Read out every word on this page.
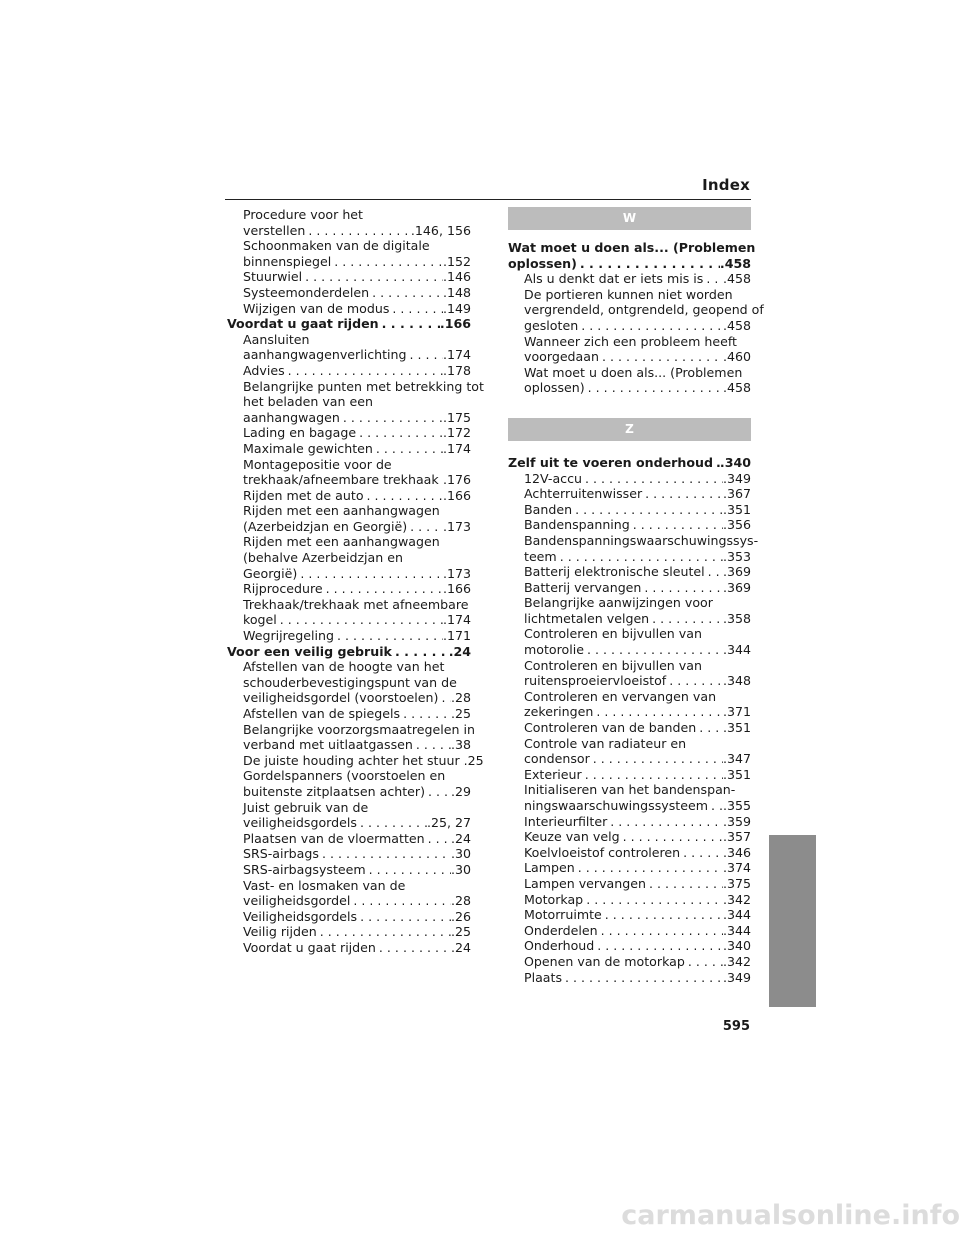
Index
Procedure voor het
verstellen . . .	.146, 156
Schoonmaken van de digitale
binnenspiegel . . .	.152
Stuurwiel . . .	.146
Systeemonderdelen . . .	.148
Wijzigen van de modus . . .	.149
Voordat u gaat rijden . . .	.166
Aansluiten
aanhangwagenverlichting . . .	.174
Advies . . .	.178
Belangrijke punten met betrekking tot
het beladen van een
aanhangwagen . . .	.175
Lading en bagage . . .	.172
Maximale gewichten . . .	.174
Montagepositie voor de
trekhaak/afneembare trekhaak . . . .176
Rijden met de auto . . .	.166
Rijden met een aanhangwagen
(Azerbeidzjan en Georgië) . . .	.173
Rijden met een aanhangwagen
(behalve Azerbeidzjan en
Georgië) . . .	.173
Rijprocedure . . .	.166
Trekhaak/trekhaak met afneembare
kogel . . .	.174
Wegrijregeling . . .	.171
Voor een veilig gebruik . . .	.24
Afstellen van de hoogte van het
schouderbevestigingspunt van de
veiligheidsgordel (voorstoelen) . . . .28
Afstellen van de spiegels . . .	.25
Belangrijke voorzorgsmaatregelen in
verband met uitlaatgassen . . .	.38
De juiste houding achter het stuur . . . .25
Gordelspanners (voorstoelen en
buitenste zitplaatsen achter) . . . .29
Juist gebruik van de
veiligheidsgordels . . .	.25, 27
Plaatsen van de vloermatten . . . .24
SRS-airbags . . .	.30
SRS-airbagsysteem . . .	.30
Vast- en losmaken van de
veiligheidsgordel . . .	.28
Veiligheidsgordels . . .	.26
Veilig rijden . . .	.25
Voordat u gaat rijden . . .	.24
W
Wat moet u doen als... (Problemen
oplossen) . . .	.458
Als u denkt dat er iets mis is . . . .458
De portieren kunnen niet worden
vergrendeld, ontgrendeld, geopend of
gesloten . . .	.458
Wanneer zich een probleem heeft
voorgedaan . . .	.460
Wat moet u doen als... (Problemen
oplossen) . . .	.458
Z
Zelf uit te voeren onderhoud . . . .340
12V-accu . . .	.349
Achterruitenwisser . . .	.367
Banden . . .	.351
Bandenspanning . . .	.356
Bandenspanningswaarschuwingssys-
teem . . .	.353
Batterij elektronische sleutel . . . .369
Batterij vervangen . . .	.369
Belangrijke aanwijzingen voor
lichtmetalen velgen . . .	.358
Controleren en bijvullen van
motorolie . . .	.344
Controleren en bijvullen van
ruitensproeiervloeistof . . .	.348
Controleren en vervangen van
zekeringen . . .	.371
Controleren van de banden . . . .351
Controle van radiateur en
condensor . . .	.347
Exterieur . . .	.351
Initialiseren van het bandenspan-
ningswaarschuwingssysteem . . . .355
Interieurfilter . . .	.359
Keuze van velg . . .	.357
Koelvloeistof controleren . . .	.346
Lampen . . .	.374
Lampen vervangen . . .	.375
Motorkap . . .	.342
Motorruimte . . .	.344
Onderdelen . . .	.344
Onderhoud . . .	.340
Openen van de motorkap . . .	.342
Plaats . . .	.349
595
carmanualsonline.info
